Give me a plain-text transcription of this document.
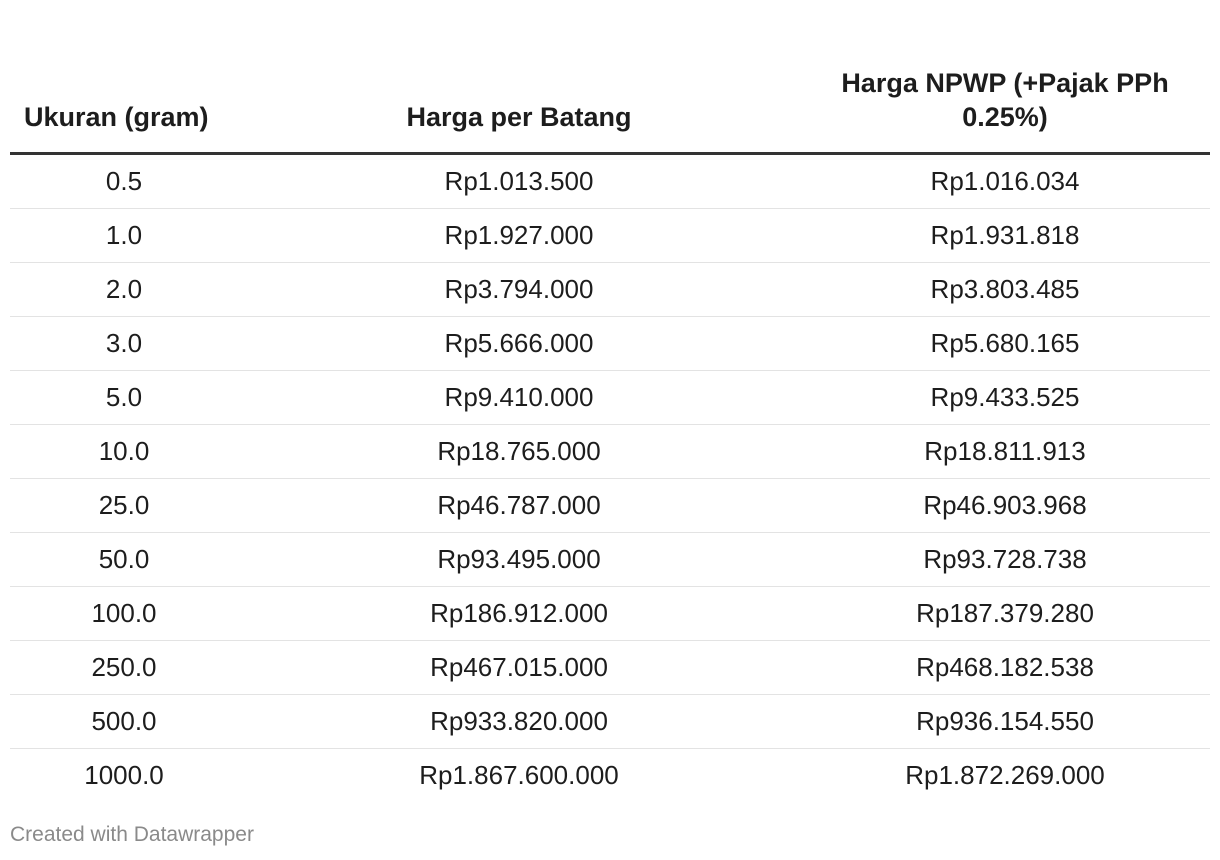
Ukuran (gram)	Harga per Batang	Harga NPWP (+Pajak PPh 0.25%)
0.5	Rp1.013.500	Rp1.016.034
1.0	Rp1.927.000	Rp1.931.818
2.0	Rp3.794.000	Rp3.803.485
3.0	Rp5.666.000	Rp5.680.165
5.0	Rp9.410.000	Rp9.433.525
10.0	Rp18.765.000	Rp18.811.913
25.0	Rp46.787.000	Rp46.903.968
50.0	Rp93.495.000	Rp93.728.738
100.0	Rp186.912.000	Rp187.379.280
250.0	Rp467.015.000	Rp468.182.538
500.0	Rp933.820.000	Rp936.154.550
1000.0	Rp1.867.600.000	Rp1.872.269.000
Created with Datawrapper
